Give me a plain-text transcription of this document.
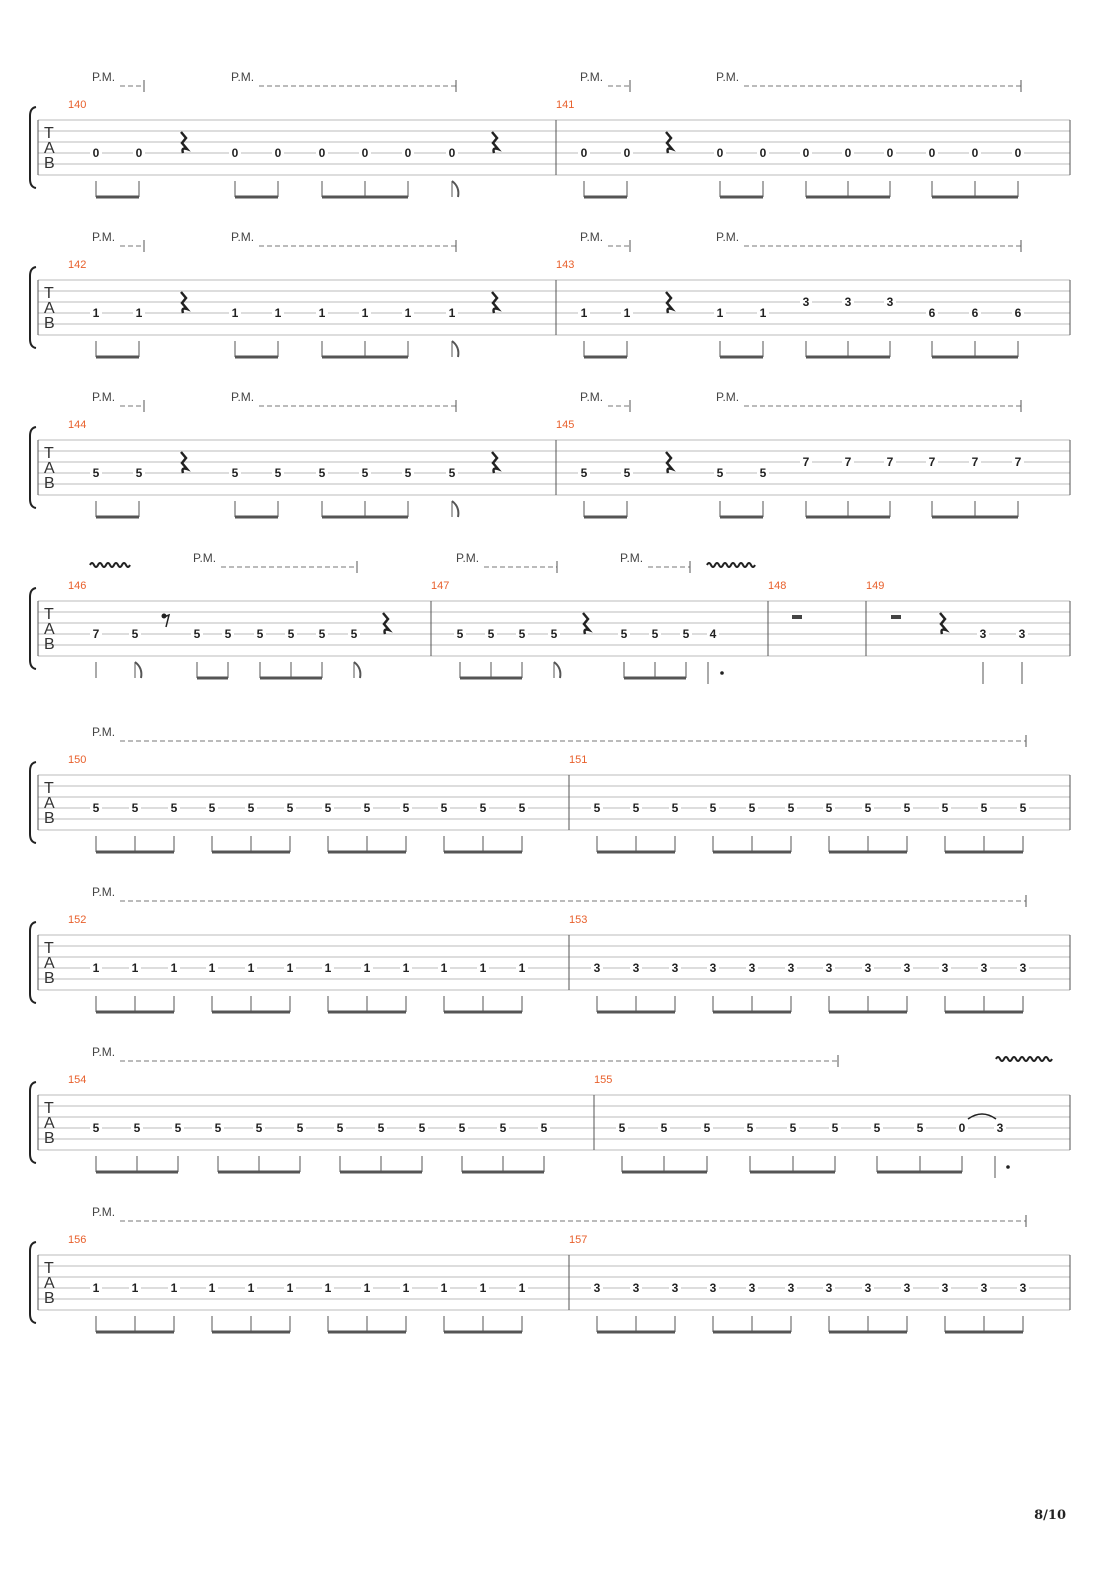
T
A
B
140	141
P.M.	P.M.	P.M.	P.M.
0	0	0	0	0	0	0	0	0	0	0	0	0	0	0	0	0	0
T
A
B
142	143
P.M.	P.M.	P.M.	P.M.
1	1	1	1	1	1	1	1	1	1	1	1
3	3	3
6	6	6
T
A
B
144	145
P.M.	P.M.	P.M.	P.M.
5	5	5	5	5	5	5	5	5	5	5	5
7	7	7	7	7	7
T
A
B
146	147	148	149
P.M.	P.M.	P.M.
7	5	5 5 5 5 5 5	5 5 5 5	5 5 5 4	3	3
T
A
B
150	151
P.M.
5	5	5	5	5	5	5	5	5	5	5	5	5	5	5	5	5	5	5	5	5	5	5	5
T
A
B
152	153
P.M.
1	1	1	1	1	1	1	1	1	1	1	1	3	3	3	3	3	3	3	3	3	3	3	3
T
A
B
156	157
P.M.
1	1	1	1	1	1	1	1	1	1	1	1	3	3	3	3	3	3	3	3	3	3	3	3
T
A
B
154	155
P.M.
5	5	5	5	5	5	5	5	5	5	5	5	5	5	5	5	5	5	5	5	0	3
8/10
